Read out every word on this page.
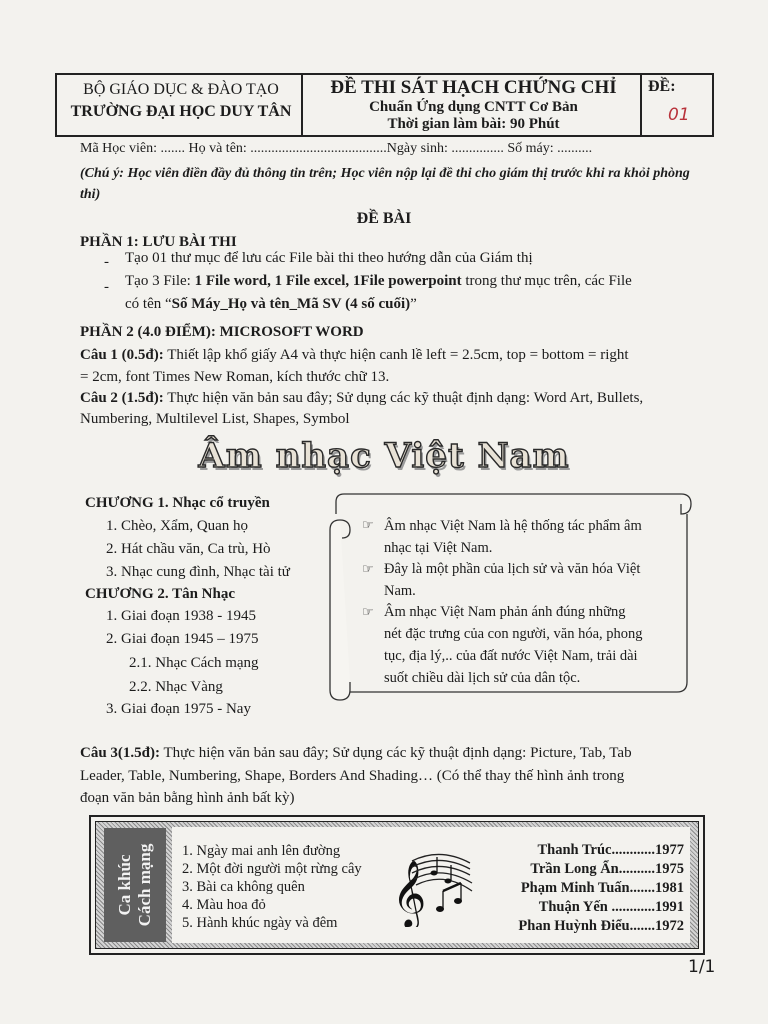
BỘ GIÁO DỤC & ĐÀO TẠO
TRƯỜNG ĐẠI HỌC DUY TÂN
ĐỀ THI SÁT HẠCH CHỨNG CHỈ
Chuẩn Ứng dụng CNTT Cơ Bản
Thời gian làm bài: 90 Phút
ĐỀ:
01
Mã Học viên: ....... Họ và tên: .......................................Ngày sinh: ............... Số máy: ..........
(Chú ý: Học viên điền đầy đủ thông tin trên; Học viên nộp lại đề thi cho giám thị trước khi ra khỏi phòng thi)
ĐỀ BÀI
PHẦN 1: LƯU BÀI THI
- Tạo 01 thư mục để lưu các File bài thi theo hướng dẫn của Giám thị
- Tạo 3 File: 1 File word, 1 File excel, 1File powerpoint trong thư mục trên, các File
có tên “Số Máy_Họ và tên_Mã SV (4 số cuối)”
PHẦN 2 (4.0 ĐIỂM): MICROSOFT WORD
Câu 1 (0.5đ): Thiết lập khổ giấy A4 và thực hiện canh lề left = 2.5cm, top = bottom = right
= 2cm, font Times New Roman, kích thước chữ 13.
Câu 2 (1.5đ): Thực hiện văn bản sau đây; Sử dụng các kỹ thuật định dạng: Word Art, Bullets,
Numbering, Multilevel List, Shapes, Symbol
Âm nhạc Việt Nam
CHƯƠNG 1. Nhạc cổ truyền
1. Chèo, Xẩm, Quan họ
2. Hát chầu văn, Ca trù, Hò
3. Nhạc cung đình, Nhạc tài tử
CHƯƠNG 2. Tân Nhạc
1. Giai đoạn 1938 - 1945
2. Giai đoạn 1945 – 1975
2.1. Nhạc Cách mạng
2.2. Nhạc Vàng
3. Giai đoạn 1975 - Nay
☞ Âm nhạc Việt Nam là hệ thống tác phẩm âm
nhạc tại Việt Nam.
☞ Đây là một phần của lịch sử và văn hóa Việt
Nam.
☞ Âm nhạc Việt Nam phản ánh đúng những
nét đặc trưng của con người, văn hóa, phong
tục, địa lý,.. của đất nước Việt Nam, trải dài
suốt chiều dài lịch sử của dân tộc.
Câu 3(1.5đ): Thực hiện văn bản sau đây; Sử dụng các kỹ thuật định dạng: Picture, Tab, Tab
Leader, Table, Numbering, Shape, Borders And Shading… (Có thể thay thế hình ảnh trong
đoạn văn bản bằng hình ảnh bất kỳ)
Ca khúc Cách mạng 1. Ngày mai anh lên đường
2. Một đời người một rừng cây
3. Bài ca không quên
4. Màu hoa đỏ
5. Hành khúc ngày và đêm 𝄞
Thanh Trúc............1977
Trần Long Ẩn..........1975
Phạm Minh Tuấn.......1981
Thuận Yến ............1991
Phan Huỳnh Điểu.......1972
1/1
